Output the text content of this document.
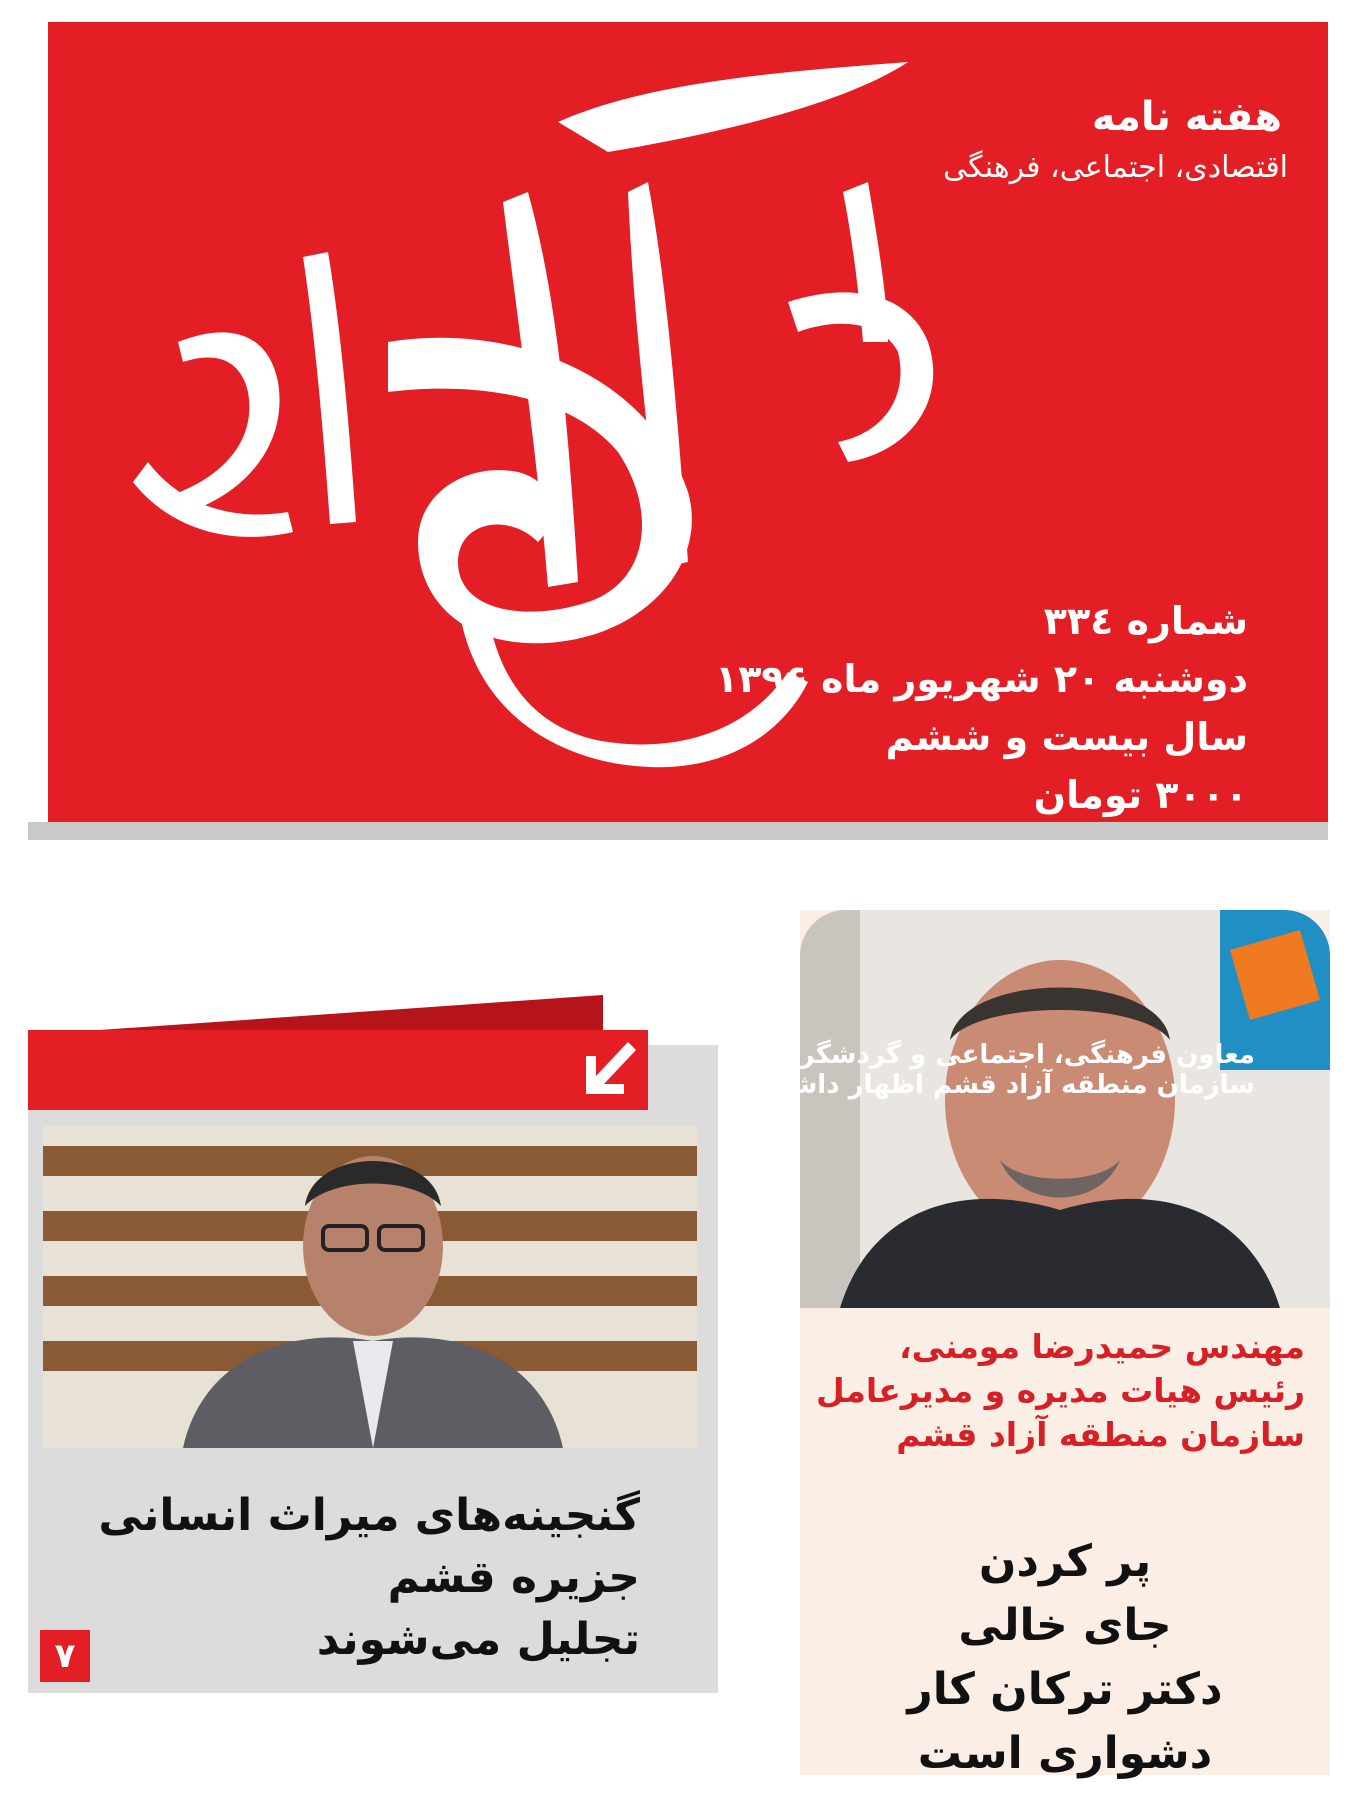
هفته نامه
اقتصادی، اجتماعی، فرهنگی
شماره ۳۳٤
دوشنبه ۲۰ شهریور ماه ۱۳۹۶
سال بیست و ششم
۳۰۰۰ تومان
مهندس حمیدرضا مومنی، رئیس هیات مدیره و مدیرعامل سازمان منطقه آزاد قشم
پر کردن
جای خالی
دکتر ترکان کار
دشواری است
معاون فرهنگی، اجتماعی و گردشگری
سازمان منطقه آزاد قشم اظهار داشت:
گنجینه‌های میراث انسانی
جزیره قشم
تجلیل می‌شوند
۷
